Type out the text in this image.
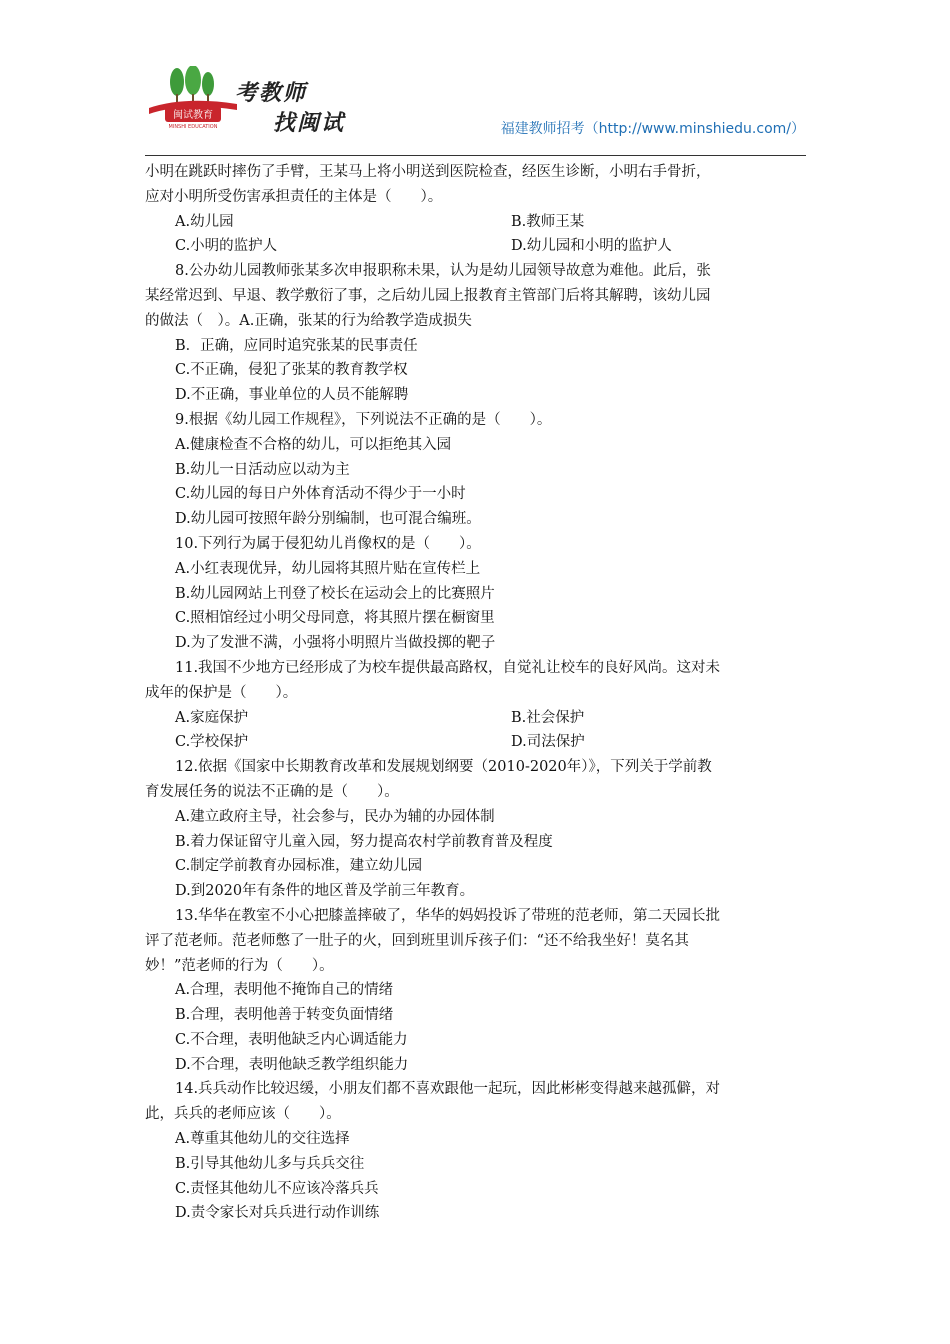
闽试教育
MINSHI EDUCATION
考教师
找闽试	福建教师招考（http://www.minshiedu.com/）

小明在跳跃时摔伤了手臂，王某马上将小明送到医院检查，经医生诊断，小明右手骨折，

应对小明所受伤害承担责任的主体是（　　）。

A.幼儿园	B.教师王某
C.小明的监护人	D.幼儿园和小明的监护人

8.公办幼儿园教师张某多次申报职称未果，认为是幼儿园领导故意为难他。此后，张

某经常迟到、早退、教学敷衍了事，之后幼儿园上报教育主管部门后将其解聘，该幼儿园

的做法（　）。A.正确，张某的行为给教学造成损失

B．正确，应同时追究张某的民事责任

C.不正确，侵犯了张某的教育教学权

D.不正确，事业单位的人员不能解聘

9.根据《幼儿园工作规程》，下列说法不正确的是（　　）。

A.健康检查不合格的幼儿，可以拒绝其入园

B.幼儿一日活动应以动为主

C.幼儿园的每日户外体育活动不得少于一小时

D.幼儿园可按照年龄分别编制，也可混合编班。

10.下列行为属于侵犯幼儿肖像权的是（　　）。

A.小红表现优异，幼儿园将其照片贴在宣传栏上

B.幼儿园网站上刊登了校长在运动会上的比赛照片

C.照相馆经过小明父母同意，将其照片摆在橱窗里

D.为了发泄不满，小强将小明照片当做投掷的靶子

11.我国不少地方已经形成了为校车提供最高路权，自觉礼让校车的良好风尚。这对未

成年的保护是（　　）。

A.家庭保护	B.社会保护
C.学校保护	D.司法保护

12.依据《国家中长期教育改革和发展规划纲要（2010-2020年）》，下列关于学前教

育发展任务的说法不正确的是（　　）。

A.建立政府主导，社会参与，民办为辅的办园体制

B.着力保证留守儿童入园，努力提高农村学前教育普及程度

C.制定学前教育办园标准，建立幼儿园

D.到2020年有条件的地区普及学前三年教育。

13.华华在教室不小心把膝盖摔破了，华华的妈妈投诉了带班的范老师，第二天园长批

评了范老师。范老师憋了一肚子的火，回到班里训斥孩子们：“还不给我坐好！莫名其

妙！”范老师的行为（　　）。

A.合理，表明他不掩饰自己的情绪

B.合理，表明他善于转变负面情绪

C.不合理，表明他缺乏内心调适能力

D.不合理，表明他缺乏教学组织能力

14.兵兵动作比较迟缓，小朋友们都不喜欢跟他一起玩，因此彬彬变得越来越孤僻，对

此，兵兵的老师应该（　　）。

A.尊重其他幼儿的交往选择

B.引导其他幼儿多与兵兵交往

C.责怪其他幼儿不应该冷落兵兵

D.责令家长对兵兵进行动作训练
